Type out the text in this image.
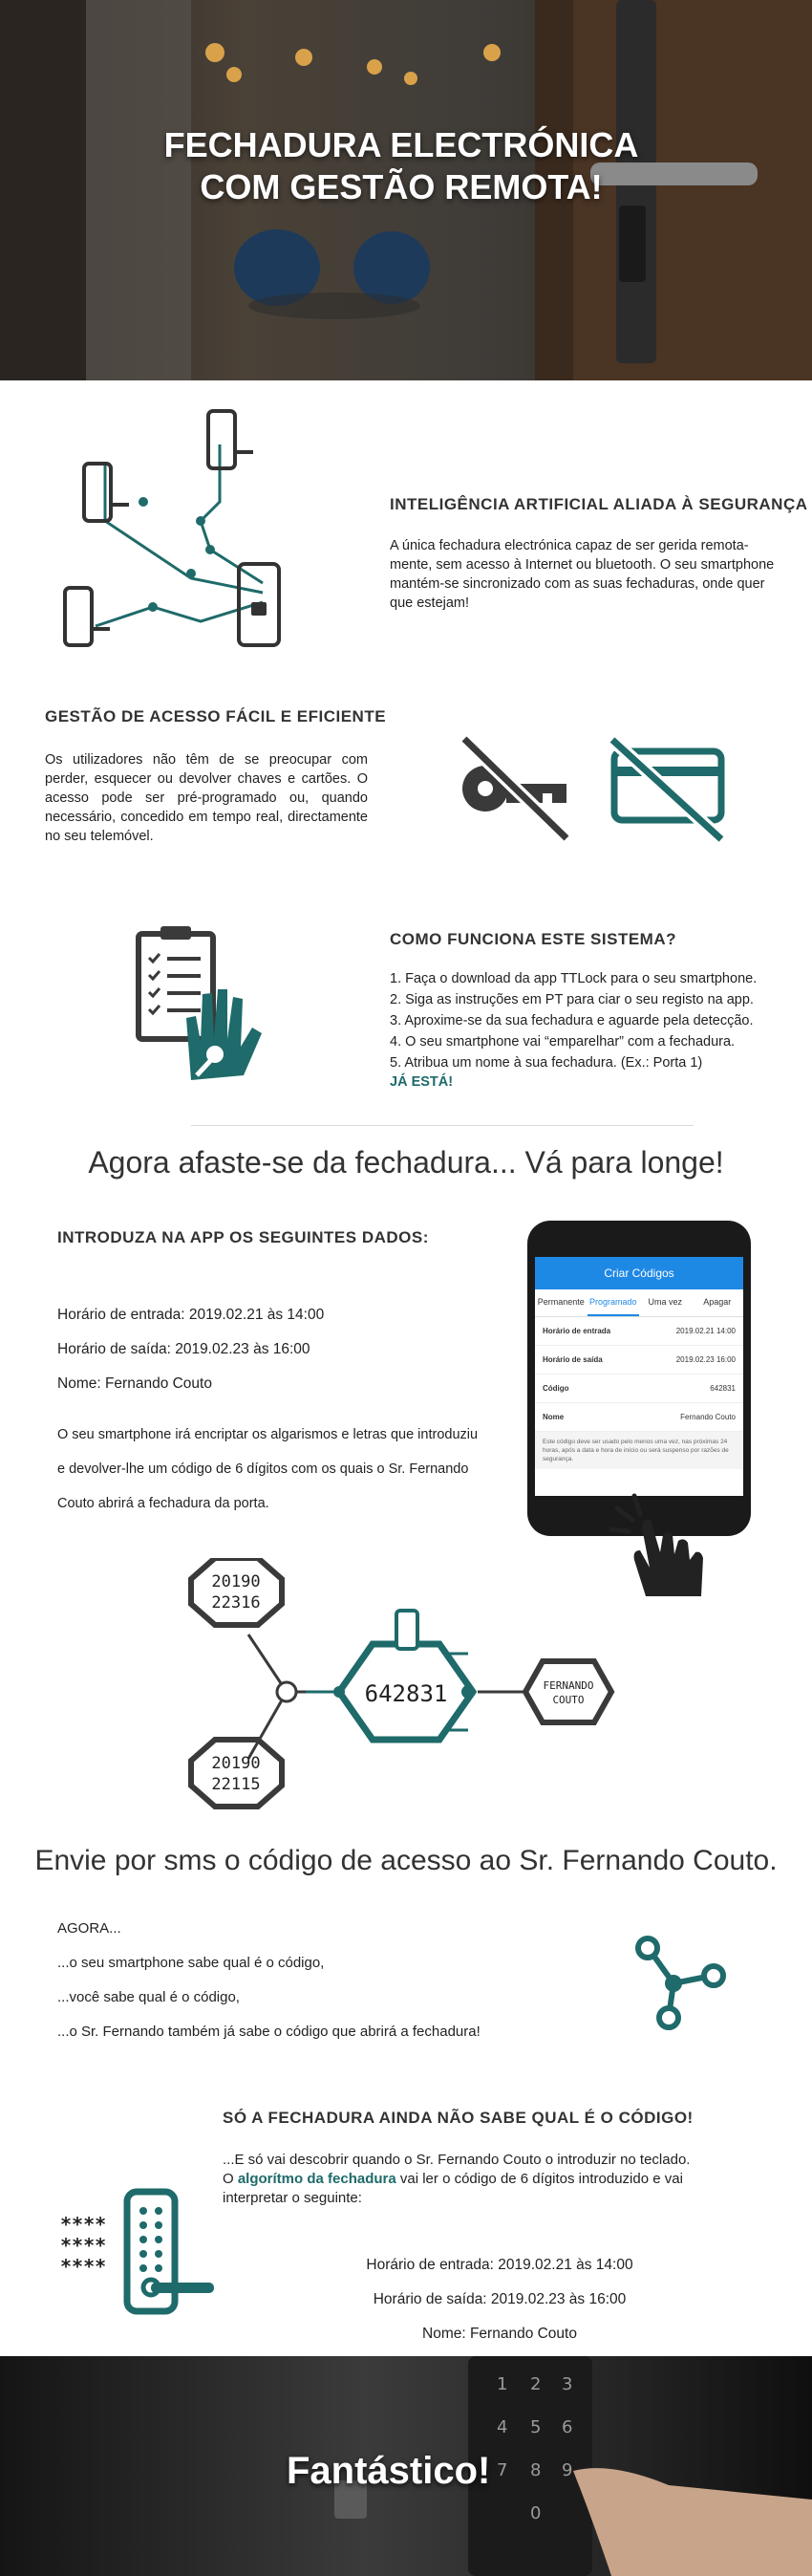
FECHADURA ELECTRÓNICA
COM GESTÃO REMOTA!
INTELIGÊNCIA ARTIFICIAL ALIADA À SEGURANÇA

A única fechadura electrónica capaz de ser gerida remotamente, sem acesso à Internet ou bluetooth. O seu smartphone mantém-se sincronizado com as suas fechaduras, onde quer que estejam!

GESTÃO DE ACESSO FÁCIL E EFICIENTE

Os utilizadores não têm de se preocupar com perder, esquecer ou devolver chaves e cartões. O acesso pode ser pré-programado ou, quando necessário, concedido em tempo real, directamente no seu telemóvel.

COMO FUNCIONA ESTE SISTEMA?
1. Faça o download da app TTLock para o seu smartphone.
2. Siga as instruções em PT para ciar o seu registo na app.
3. Aproxime-se da sua fechadura e aguarde pela detecção.
4. O seu smartphone vai “emparelhar” com a fechadura.
5. Atribua um nome à sua fechadura. (Ex.: Porta 1)
JÁ ESTÁ!
Agora afaste-se da fechadura... Vá para longe!
INTRODUZA NA APP OS SEGUINTES DADOS:
Horário de entrada: 2019.02.21 às 14:00
Horário de saída: 2019.02.23 às 16:00
Nome: Fernando Couto

O seu smartphone irá encriptar os algarismos e letras que introduziu

e devolver-lhe um código de 6 dígitos com os quais o Sr. Fernando

Couto abrirá a fechadura da porta.

Criar Códigos
Permanente Programado	Uma vez	Apagar
Horário de entrada	2019.02.21 14:00
Horário de saída	2019.02.23 16:00
Código	642831
Nome	Fernando Couto
Este código deve ser usado pelo menos uma vez, nas próximas 24 horas, após a data e hora de início ou será suspenso por razões de segurança.
20190
22316
20190
22115
642831	FERNANDO
COUTO
Envie por sms o código de acesso ao Sr. Fernando Couto.
AGORA...
...o seu smartphone sabe qual é o código,
...você sabe qual é o código,
...o Sr. Fernando também já sabe o código que abrirá a fechadura!
SÓ A FECHADURA AINDA NÃO SABE QUAL É O CÓDIGO!

...E só vai descobrir quando o Sr. Fernando Couto o introduzir no teclado.

O algorítmo da fechadura vai ler o código de 6 dígitos introduzido e vai

interpretar o seguinte:

Horário de entrada: 2019.02.21 às 14:00
Horário de saída: 2019.02.23 às 16:00
Nome: Fernando Couto
****
****
****
1 2 3
4 5 6
7 8 9
0
Fantástico!
